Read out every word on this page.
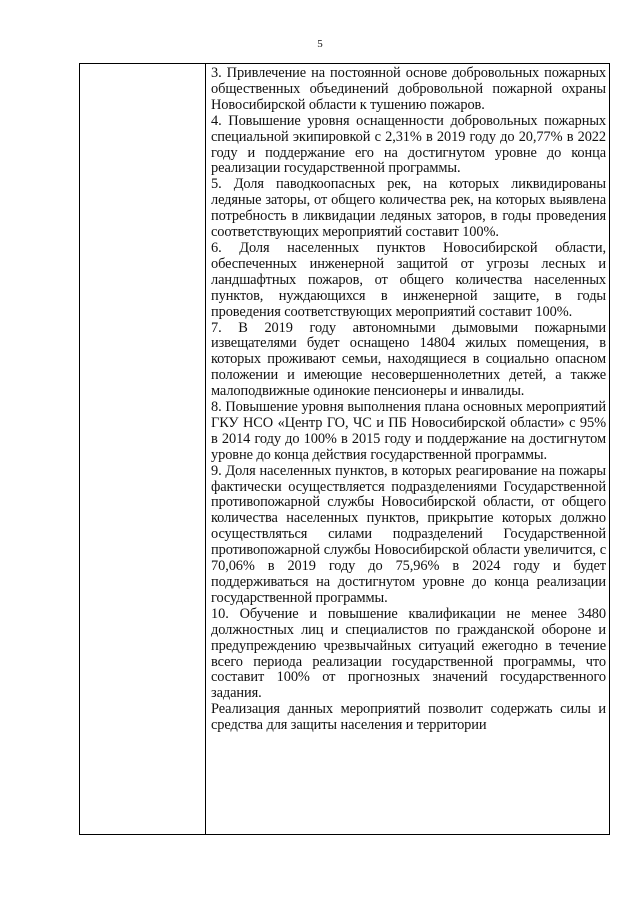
5

3. Привлечение на постоянной основе добровольных пожарных общественных объединений добровольной пожарной охраны Новосибирской области к тушению пожаров.

4. Повышение уровня оснащенности добровольных пожарных специальной экипировкой с 2,31% в 2019 году до 20,77% в 2022 году и поддержание его на достигнутом уровне до конца реализации государственной программы.

5. Доля паводкоопасных рек, на которых ликвидированы ледяные заторы, от общего количества рек, на которых выявлена потребность в ликвидации ледяных заторов, в годы проведения соответствующих мероприятий составит 100%.

6. Доля населенных пунктов Новосибирской области, обеспеченных инженерной защитой от угрозы лесных и ландшафтных пожаров, от общего количества населенных пунктов, нуждающихся в инженерной защите, в годы проведения соответствующих мероприятий составит 100%.

7. В 2019 году автономными дымовыми пожарными извещателями будет оснащено 14804 жилых помещения, в которых проживают семьи, находящиеся в социально опасном положении и имеющие несовершеннолетних детей, а также малоподвижные одинокие пенсионеры и инвалиды.

8. Повышение уровня выполнения плана основных мероприятий ГКУ НСО «Центр ГО, ЧС и ПБ Новосибирской области» с 95% в 2014 году до 100% в 2015 году и поддержание на достигнутом уровне до конца действия государственной программы.

9. Доля населенных пунктов, в которых реагирование на пожары фактически осуществляется подразделениями Государственной противопожарной службы Новосибирской области, от общего количества населенных пунктов, прикрытие которых должно осуществляться силами подразделений Государственной противопожарной службы Новосибирской области увеличится, с 70,06% в 2019 году до 75,96% в 2024 году и будет поддерживаться на достигнутом уровне до конца реализации государственной программы.

10. Обучение и повышение квалификации не менее 3480 должностных лиц и специалистов по гражданской обороне и предупреждению чрезвычайных ситуаций ежегодно в течение всего периода реализации государственной программы, что составит 100% от прогнозных значений государственного задания.

Реализация данных мероприятий позволит содержать силы и средства для защиты населения и территории
